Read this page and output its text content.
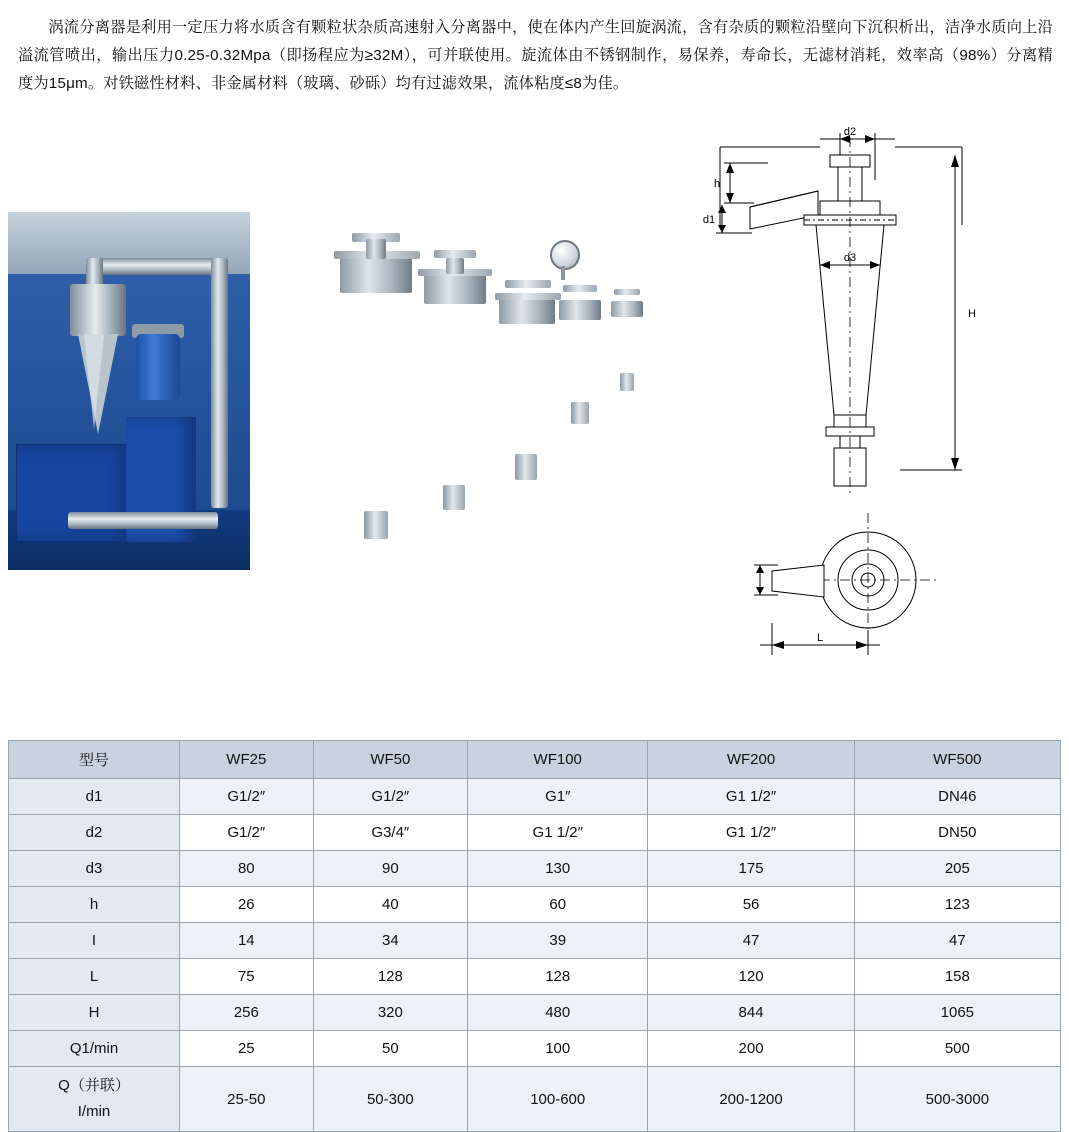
涡流分离器是利用一定压力将水质含有颗粒状杂质高速射入分离器中，使在体内产生回旋涡流，含有杂质的颗粒沿壁向下沉积析出，洁净水质向上沿溢流管喷出，输出压力0.25-0.32Mpa（即扬程应为≥32M），可并联使用。旋流体由不锈钢制作，易保养，寿命长，无滤材消耗，效率高（98%）分离精度为15μm。对铁磁性材料、非金属材料（玻璃、砂砾）均有过滤效果，流体粘度≤8为佳。
d2
h
d1
d3
H
L
型号	WF25	WF50	WF100	WF200	WF500
d1	G1/2″	G1/2″	G1″	G1 1/2″	DN46
d2	G1/2″	G3/4″	G1 1/2″	G1 1/2″	DN50
d3	80	90	130	175	205
h	26	40	60	56	123
I	14	34	39	47	47
L	75	128	128	120	158
H	256	320	480	844	1065
Q1/min	25	50	100	200	500

Q（并联）
I/min	25-50	50-300	100-600	200-1200	500-3000
